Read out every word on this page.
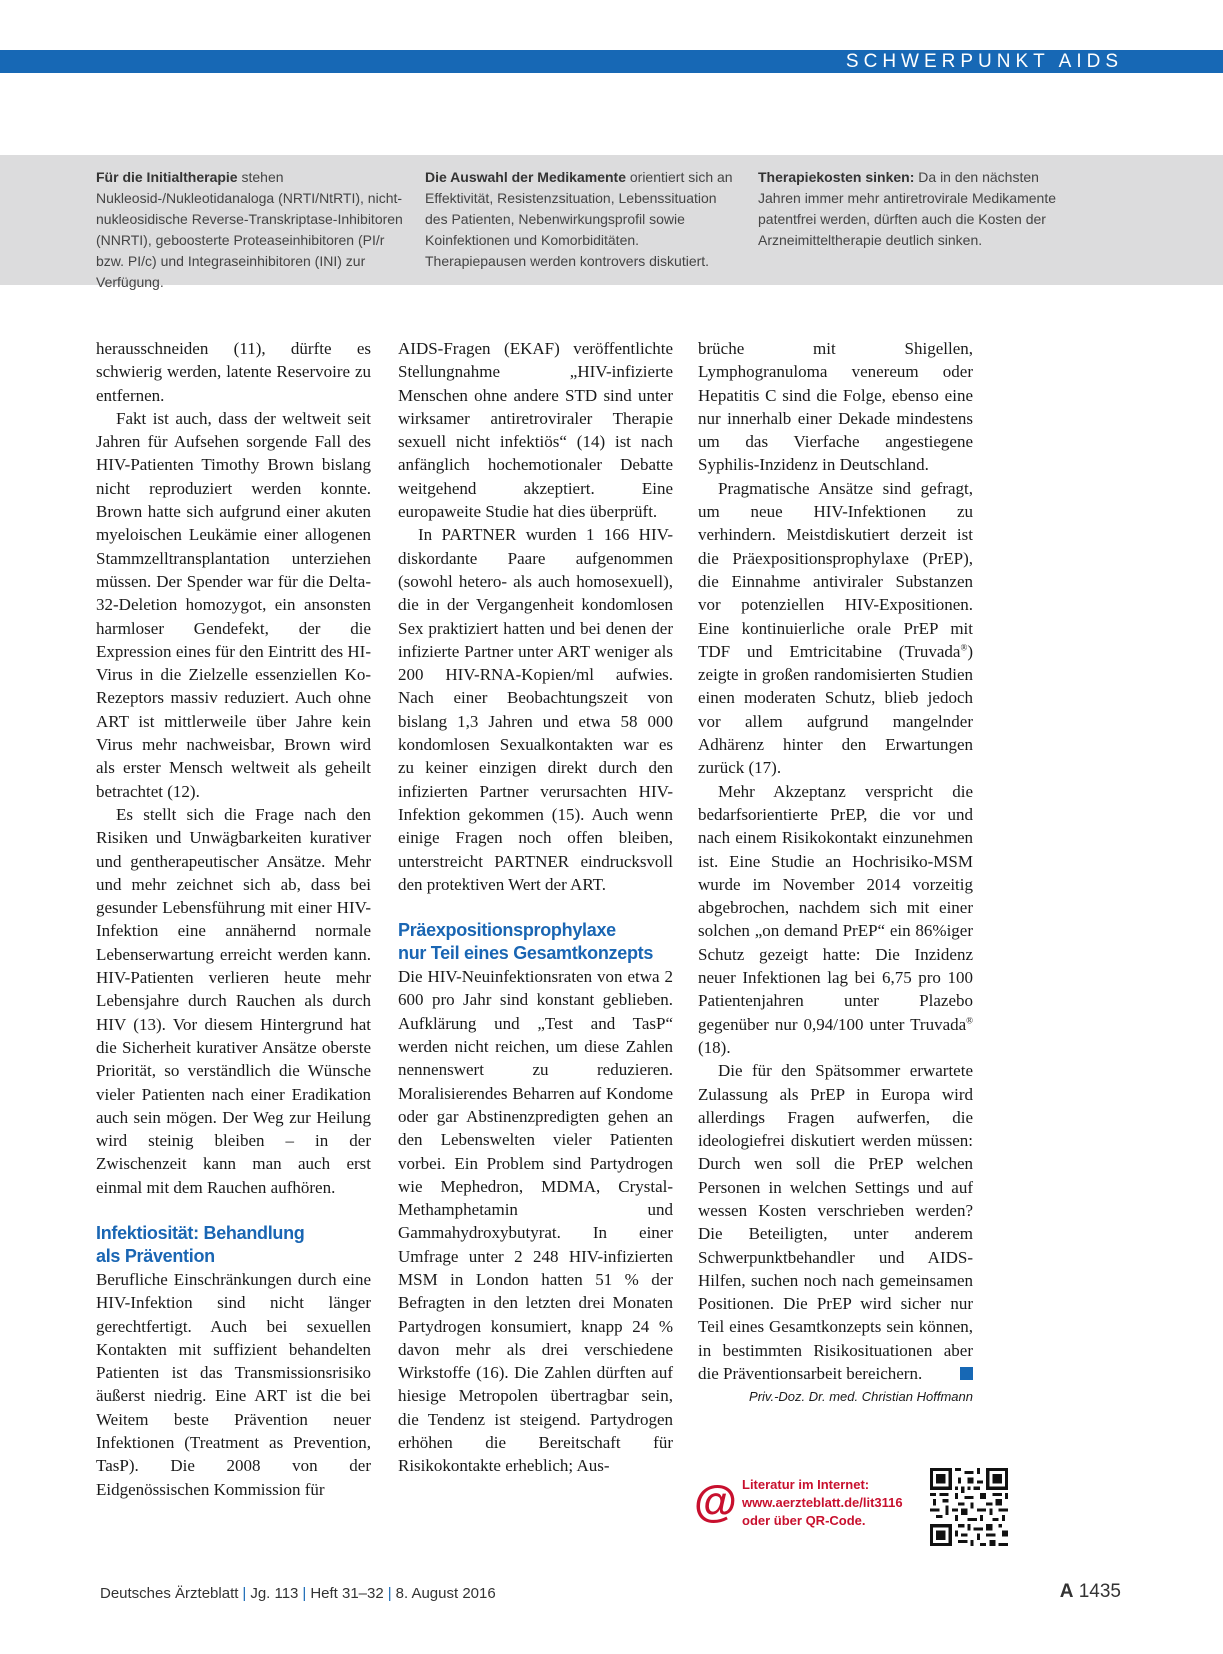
SCHWERPUNKT AIDS
Für die Initialtherapie stehen Nukleosid-/Nukleotidanaloga (NRTI/NtRTI), nicht-nukleosidische Reverse-Transkriptase-Inhibitoren (NNRTI), geboosterte Proteaseinhibitoren (PI/r bzw. PI/c) und Integraseinhibitoren (INI) zur Verfügung.
Die Auswahl der Medikamente orientiert sich an Effektivität, Resistenzsituation, Lebenssituation des Patienten, Nebenwirkungsprofil sowie Koinfektionen und Komorbiditäten. Therapiepausen werden kontrovers diskutiert.
Therapiekosten sinken: Da in den nächsten Jahren immer mehr antiretrovirale Medikamente patentfrei werden, dürften auch die Kosten der Arzneimitteltherapie deutlich sinken.

herausschneiden (11), dürfte es schwierig werden, latente Reservoire zu entfernen.

Fakt ist auch, dass der weltweit seit Jahren für Aufsehen sorgende Fall des HIV-Patienten Timothy Brown bislang nicht reproduziert werden konnte. Brown hatte sich aufgrund einer akuten myeloischen Leukämie einer allogenen Stammzelltransplantation unterziehen müssen. Der Spender war für die Delta-32-Deletion homozygot, ein ansonsten harmloser Gendefekt, der die Expression eines für den Eintritt des HI-Virus in die Zielzelle essenziellen Ko-Rezeptors massiv reduziert. Auch ohne ART ist mittlerweile über Jahre kein Virus mehr nachweisbar, Brown wird als erster Mensch weltweit als geheilt betrachtet (12).

Es stellt sich die Frage nach den Risiken und Unwägbarkeiten kurativer und gentherapeutischer Ansätze. Mehr und mehr zeichnet sich ab, dass bei gesunder Lebensführung mit einer HIV-Infektion eine annähernd normale Lebenserwartung erreicht werden kann. HIV-Patienten verlieren heute mehr Lebensjahre durch Rauchen als durch HIV (13). Vor diesem Hintergrund hat die Sicherheit kurativer Ansätze oberste Priorität, so verständlich die Wünsche vieler Patienten nach einer Eradikation auch sein mögen. Der Weg zur Heilung wird steinig bleiben – in der Zwischenzeit kann man auch erst einmal mit dem Rauchen aufhören.

Infektiosität: Behandlung
als Prävention

Berufliche Einschränkungen durch eine HIV-Infektion sind nicht länger gerechtfertigt. Auch bei sexuellen Kontakten mit suffizient behandelten Patienten ist das Transmissionsrisiko äußerst niedrig. Eine ART ist die bei Weitem beste Prävention neuer Infektionen (Treatment as Prevention, TasP). Die 2008 von der Eidgenössischen Kommission für

AIDS-Fragen (EKAF) veröffentlichte Stellungnahme „HIV-infizierte Menschen ohne andere STD sind unter wirksamer antiretroviraler Therapie sexuell nicht infektiös“ (14) ist nach anfänglich hochemotionaler Debatte weitgehend akzeptiert. Eine europaweite Studie hat dies überprüft.

In PARTNER wurden 1 166 HIV-diskordante Paare aufgenommen (sowohl hetero- als auch homosexuell), die in der Vergangenheit kondomlosen Sex praktiziert hatten und bei denen der infizierte Partner unter ART weniger als 200 HIV-RNA-Kopien/ml aufwies. Nach einer Beobachtungszeit von bislang 1,3 Jahren und etwa 58 000 kondomlosen Sexualkontakten war es zu keiner einzigen direkt durch den infizierten Partner verursachten HIV-Infektion gekommen (15). Auch wenn einige Fragen noch offen bleiben, unterstreicht PARTNER eindrucksvoll den protektiven Wert der ART.

Präexpositionsprophylaxe
nur Teil eines Gesamtkonzepts

Die HIV-Neuinfektionsraten von etwa 2 600 pro Jahr sind konstant geblieben. Aufklärung und „Test and TasP“ werden nicht reichen, um diese Zahlen nennenswert zu reduzieren. Moralisierendes Beharren auf Kondome oder gar Abstinenzpredigten gehen an den Lebenswelten vieler Patienten vorbei. Ein Problem sind Partydrogen wie Mephedron, MDMA, Crystal-Methamphetamin und Gammahydroxybutyrat. In einer Umfrage unter 2 248 HIV-infizierten MSM in London hatten 51 % der Befragten in den letzten drei Monaten Partydrogen konsumiert, knapp 24 % davon mehr als drei verschiedene Wirkstoffe (16). Die Zahlen dürften auf hiesige Metropolen übertragbar sein, die Tendenz ist steigend. Partydrogen erhöhen die Bereitschaft für Risikokontakte erheblich; Aus-

brüche mit Shigellen, Lymphogranuloma venereum oder Hepatitis C sind die Folge, ebenso eine nur innerhalb einer Dekade mindestens um das Vierfache angestiegene Syphilis-Inzidenz in Deutschland.

Pragmatische Ansätze sind gefragt, um neue HIV-Infektionen zu verhindern. Meistdiskutiert derzeit ist die Präexpositionsprophylaxe (PrEP), die Einnahme antiviraler Substanzen vor potenziellen HIV-Expositionen. Eine kontinuierliche orale PrEP mit TDF und Emtricitabine (Truvada®) zeigte in großen randomisierten Studien einen moderaten Schutz, blieb jedoch vor allem aufgrund mangelnder Adhärenz hinter den Erwartungen zurück (17).

Mehr Akzeptanz verspricht die bedarfsorientierte PrEP, die vor und nach einem Risikokontakt einzunehmen ist. Eine Studie an Hochrisiko-MSM wurde im November 2014 vorzeitig abgebrochen, nachdem sich mit einer solchen „on demand PrEP“ ein 86%iger Schutz gezeigt hatte: Die Inzidenz neuer Infektionen lag bei 6,75 pro 100 Patientenjahren unter Plazebo gegenüber nur 0,94/100 unter Truvada® (18).

Die für den Spätsommer erwartete Zulassung als PrEP in Europa wird allerdings Fragen aufwerfen, die ideologiefrei diskutiert werden müssen: Durch wen soll die PrEP welchen Personen in welchen Settings und auf wessen Kosten verschrieben werden? Die Beteiligten, unter anderem Schwerpunktbehandler und AIDS-Hilfen, suchen noch nach gemeinsamen Positionen. Die PrEP wird sicher nur Teil eines Gesamtkonzepts sein können, in bestimmten Risikosituationen aber die Präventionsarbeit bereichern.

Priv.-Doz. Dr. med. Christian Hoffmann
@ Literatur im Internet:
www.aerzteblatt.de/lit3116
oder über QR-Code.
Deutsches Ärzteblatt | Jg. 113 | Heft 31–32 | 8. August 2016	A 1435
